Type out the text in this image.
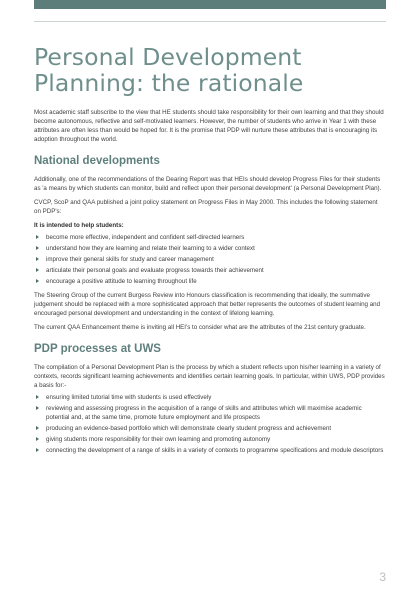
Personal Development Planning: the rationale

Most academic staff subscribe to the view that HE students should take responsibility for their own learning and that they should become autonomous, reflective and self-motivated learners. However, the number of students who arrive in Year 1 with these attributes are often less than would be hoped for. It is the promise that PDP will nurture these attributes that is encouraging its adoption throughout the world.

National developments

Additionally, one of the recommendations of the Dearing Report was that HEIs should develop Progress Files for their students as 'a means by which students can monitor, build and reflect upon their personal development' (a Personal Development Plan).

CVCP, ScoP and QAA published a joint policy statement on Progress Files in May 2000. This includes the following statement on PDP's:

It is intended to help students:

become more effective, independent and confident self-directed learners
understand how they are learning and relate their learning to a wider context
improve their general skills for study and career management
articulate their personal goals and evaluate progress towards their achievement
encourage a positive attitude to learning throughout life

The Steering Group of the current Burgess Review into Honours classification is recommending that ideally, the summative judgement should be replaced with a more sophisticated approach that better represents the outcomes of student learning and encouraged personal development and understanding in the context of lifelong learning.

The current QAA Enhancement theme is inviting all HEI's to consider what are the attributes of the 21st century graduate.

PDP processes at UWS

The compilation of a Personal Development Plan is the process by which a student reflects upon his/her learning in a variety of contexts, records significant learning achievements and identifies certain learning goals. In particular, within UWS, PDP provides a basis for:-

ensuring limited tutorial time with students is used effectively
reviewing and assessing progress in the acquisition of a range of skills and attributes which will maximise academic potential and, at the same time, promote future employment and life prospects
producing an evidence-based portfolio which will demonstrate clearly student progress and achievement
giving students more responsibility for their own learning and promoting autonomy
connecting the development of a range of skills in a variety of contexts to programme specifications and module descriptors
3
